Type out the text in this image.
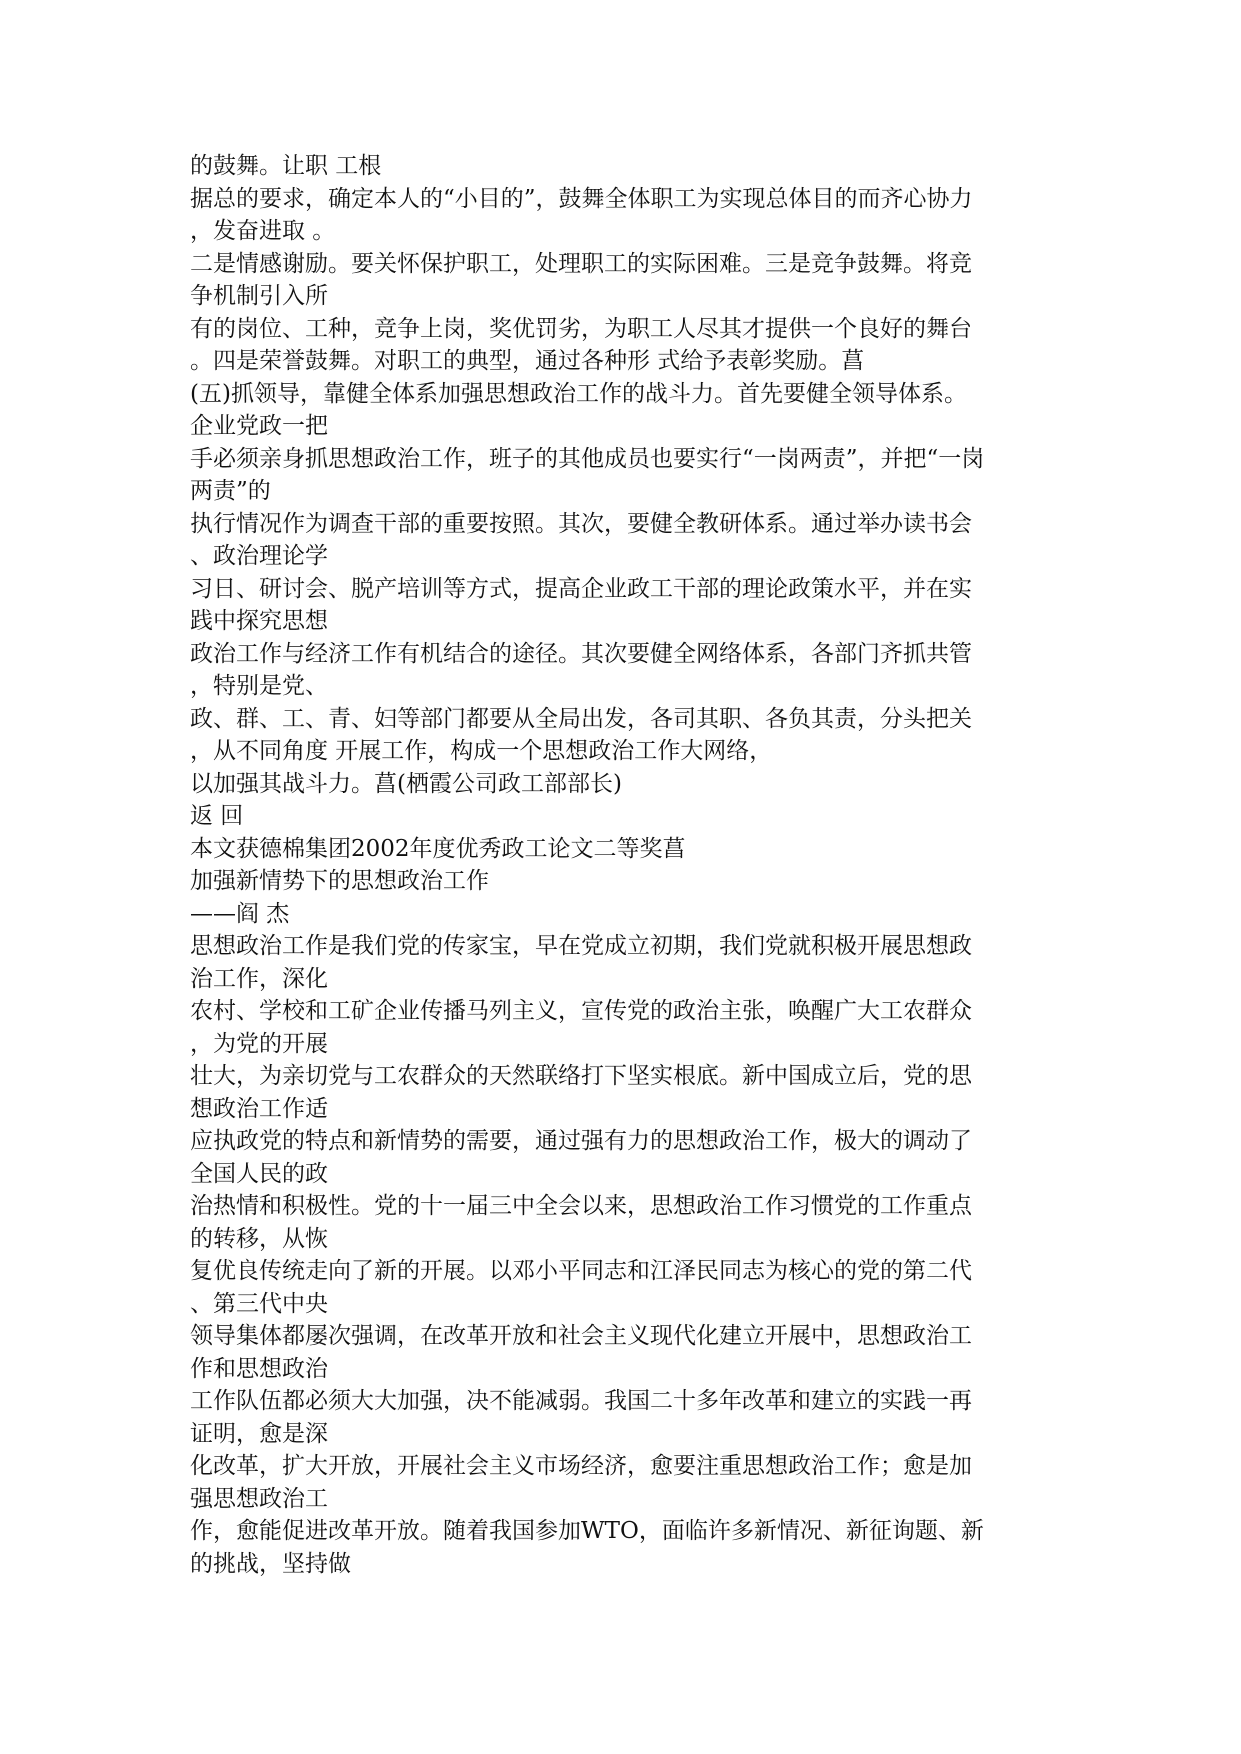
的鼓舞。让职 工根
据总的要求，确定本人的“小目的”，鼓舞全体职工为实现总体目的而齐心协力
，发奋进取 。
二是情感谢励。要关怀保护职工，处理职工的实际困难。三是竞争鼓舞。将竞
争机制引入所
有的岗位、工种，竞争上岗，奖优罚劣，为职工人尽其才提供一个良好的舞台
。四是荣誉鼓舞。对职工的典型，通过各种形 式给予表彰奖励。菖
(五)抓领导，靠健全体系加强思想政治工作的战斗力。首先要健全领导体系。
企业党政一把
手必须亲身抓思想政治工作，班子的其他成员也要实行“一岗两责”，并把“一岗
两责”的
执行情况作为调查干部的重要按照。其次，要健全教研体系。通过举办读书会
、政治理论学
习日、研讨会、脱产培训等方式，提高企业政工干部的理论政策水平，并在实
践中探究思想
政治工作与经济工作有机结合的途径。其次要健全网络体系，各部门齐抓共管
，特别是党、
政、群、工、青、妇等部门都要从全局出发，各司其职、各负其责，分头把关
，从不同角度 开展工作，构成一个思想政治工作大网络，
以加强其战斗力。菖(栖霞公司政工部部长)
返 回
本文获德棉集团2002年度优秀政工论文二等奖菖
加强新情势下的思想政治工作
——阎 杰
思想政治工作是我们党的传家宝，早在党成立初期，我们党就积极开展思想政
治工作，深化
农村、学校和工矿企业传播马列主义，宣传党的政治主张，唤醒广大工农群众
，为党的开展
壮大，为亲切党与工农群众的天然联络打下坚实根底。新中国成立后，党的思
想政治工作适
应执政党的特点和新情势的需要，通过强有力的思想政治工作，极大的调动了
全国人民的政
治热情和积极性。党的十一届三中全会以来，思想政治工作习惯党的工作重点
的转移，从恢
复优良传统走向了新的开展。以邓小平同志和江泽民同志为核心的党的第二代
、第三代中央
领导集体都屡次强调，在改革开放和社会主义现代化建立开展中，思想政治工
作和思想政治
工作队伍都必须大大加强，决不能减弱。我国二十多年改革和建立的实践一再
证明，愈是深
化改革，扩大开放，开展社会主义市场经济，愈要注重思想政治工作；愈是加
强思想政治工
作，愈能促进改革开放。随着我国参加WTO，面临许多新情况、新征询题、新
的挑战，坚持做
